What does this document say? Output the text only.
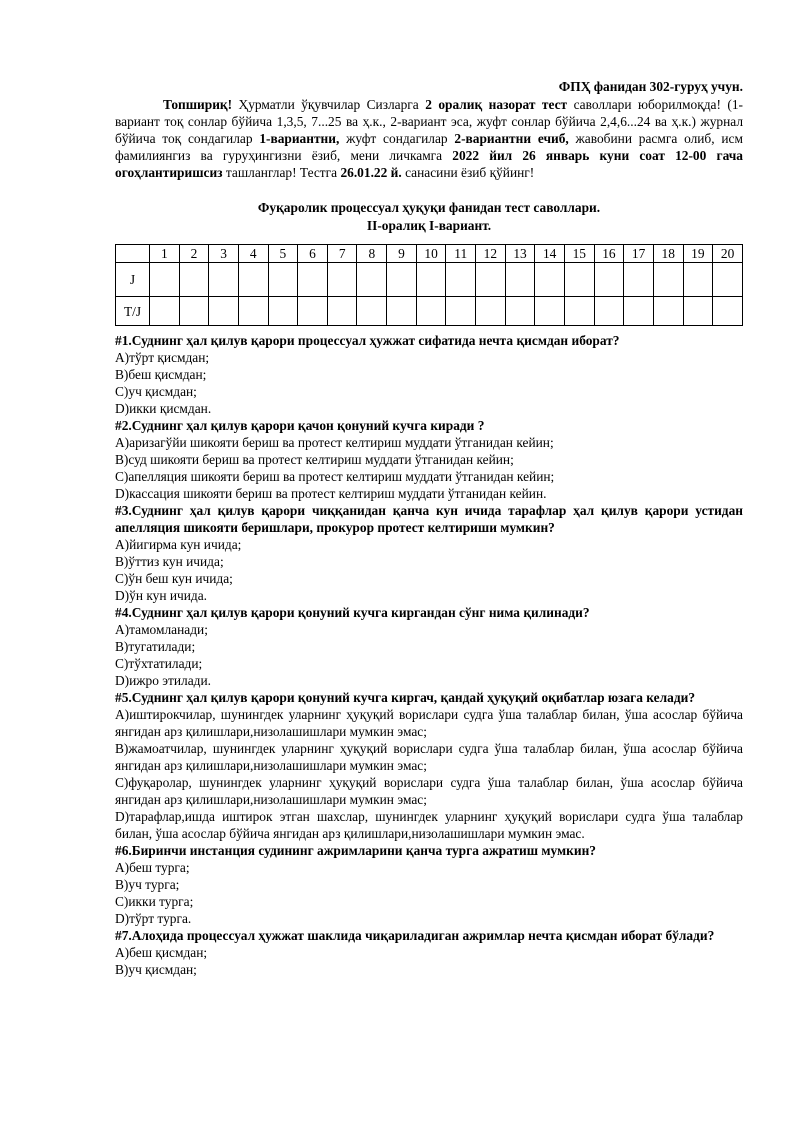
ФПҲ фанидан 302-гуруҳ учун.
Топшириқ! Ҳурматли ўқувчилар Сизларга 2 оралиқ назорат тест саволлари юборилмоқда! (1-вариант тоқ сонлар бўйича 1,3,5, 7...25 ва ҳ.к., 2-вариант эса, жуфт сонлар бўйича 2,4,6...24 ва ҳ.к.) журнал бўйича тоқ сондагилар 1-вариантни, жуфт сондагилар 2-вариантни ечиб, жавобини расмга олиб, исм фамилиянгиз ва гуруҳингизни ёзиб, мени личкамга 2022 йил 26 январь куни соат 12-00 гача огоҳлантиришсиз ташланглар! Тестга 26.01.22 й. санасини ёзиб қўйинг!
Фуқаролик процессуал ҳуқуқи фанидан тест саволлари.
II-оралиқ I-вариант.
	1	2	3	4	5	6	7	8	9	10	11	12	13	14	15	16	17	18	19	20
J																				
T/J																				
#1.Суднинг ҳал қилув қарори процессуал ҳужжат сифатида нечта қисмдан иборат?
A)тўрт қисмдан;
B)беш қисмдан;
C)уч қисмдан;
D)икки қисмдан.
#2.Суднинг ҳал қилув қарори қачон қонуний кучга киради ?
A)аризагўйи шикояти бериш ва протест келтириш муддати ўтганидан кейин;
B)суд шикояти бериш ва протест келтириш муддати ўтганидан кейин;
C)апелляция шикояти бериш ва протест келтириш муддати ўтганидан кейин;
D)кассация шикояти бериш ва протест келтириш муддати ўтганидан кейин.
#3.Суднинг ҳал қилув қарори чиққанидан қанча кун ичида тарафлар ҳал қилув қарори устидан апелляция шикояти беришлари, прокурор протест келтириши мумкин?
A)йигирма кун ичида;
B)ўттиз кун ичида;
C)ўн беш кун ичида;
D)ўн кун ичида.
#4.Суднинг ҳал қилув қарори қонуний кучга киргандан сўнг нима қилинади?
A)тамомланади;
B)тугатилади;
C)тўхтатилади;
D)ижро этилади.
#5.Суднинг ҳал қилув қарори қонуний кучга киргач, қандай ҳуқуқий оқибатлар юзага келади?
A)иштирокчилар, шунингдек уларнинг ҳуқуқий ворислари судга ўша талаблар билан, ўша асослар бўйича янгидан арз қилишлари,низолашишлари мумкин эмас;
B)жамоатчилар, шунингдек уларнинг ҳуқуқий ворислари судга ўша талаблар билан, ўша асослар бўйича янгидан арз қилишлари,низолашишлари мумкин эмас;
C)фуқаролар, шунингдек уларнинг ҳуқуқий ворислари судга ўша талаблар билан, ўша асослар бўйича янгидан арз қилишлари,низолашишлари мумкин эмас;
D)тарафлар,ишда иштирок этган шахслар, шунингдек уларнинг ҳуқуқий ворислари судга ўша талаблар билан, ўша асослар бўйича янгидан арз қилишлари,низолашишлари мумкин эмас.
#6.Биринчи инстанция судининг ажримларини қанча турга ажратиш мумкин?
A)беш турга;
B)уч турга;
C)икки турга;
D)тўрт турга.
#7.Алоҳида процессуал ҳужжат шаклида чиқариладиган ажримлар нечта қисмдан иборат бўлади?
A)беш қисмдан;
B)уч қисмдан;
